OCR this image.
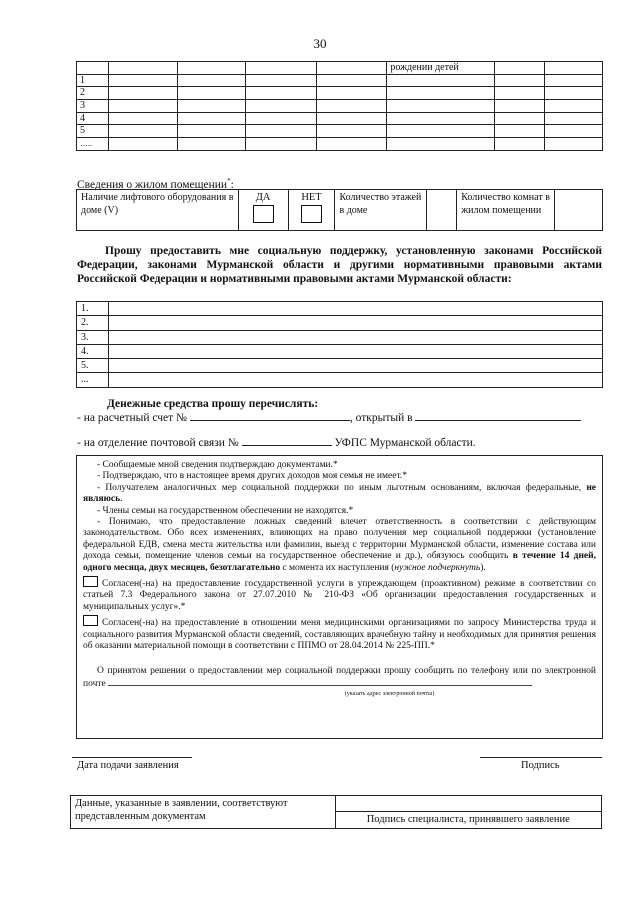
30
					рождении детей		
1							
2							
3							
4							
5							
…..							
Сведения о жилом помещении*:
Наличие лифтового оборудования в доме (V)	ДА	НЕТ	Количество этажей в доме		Количество комнат в жилом помещении	

Прошу предоставить мне социальную поддержку, установленную законами Российской Федерации, законами Мурманской области и другими нормативными правовыми актами Российской Федерации и нормативными правовыми актами Мурманской области:

1.	
2.	
3.	
4.	
5.	
...	
Денежные средства прошу перечислять:
- на расчетный счет №	, открытый в
- на отделение почтовой связи №	УФПС Мурманской области.

- Сообщаемые мной сведения подтверждаю документами.*

- Подтверждаю, что в настоящее время других доходов моя семья не имеет.*

- Получателем аналогичных мер социальной поддержки по иным льготным основаниям, включая федеральные, не являюсь.

- Члены семьи на государственном обеспечении не находятся.*

- Понимаю, что предоставление ложных сведений влечет ответственность в соответствии с действующим законодательством. Обо всех изменениях, влияющих на право получения мер социальной поддержки (установление федеральной ЕДВ, смена места жительства или фамилии, выезд с территории Мурманской области, изменение состава или дохода семьи, помещение членов семьи на государственное обеспечение и др.), обязуюсь сообщить в течение 14 дней, одного месяца, двух месяцев, безотлагательно с момента их наступления (нужное подчеркнуть).

Согласен(-на) на предоставление государственной услуги в упреждающем (проактивном) режиме в соответствии со статьей 7.3 Федерального закона от 27.07.2010 № 210-ФЗ «Об организации предоставления государственных и муниципальных услуг».*

Согласен(-на) на предоставление в отношении меня медицинскими организациями по запросу Министерства труда и социального развития Мурманской области сведений, составляющих врачебную тайну и необходимых для принятия решения об оказании материальной помощи в соответствии с ППМО от 28.04.2014 № 225-ПП.*

О принятом решении о предоставлении мер социальной поддержки прошу сообщить по телефону или по электронной почте

(указать адрес электронной почты)
Дата подачи заявления	Подпись
Данные, указанные в заявлении, соответствуют представленным документам	
Подпись специалиста, принявшего заявление
